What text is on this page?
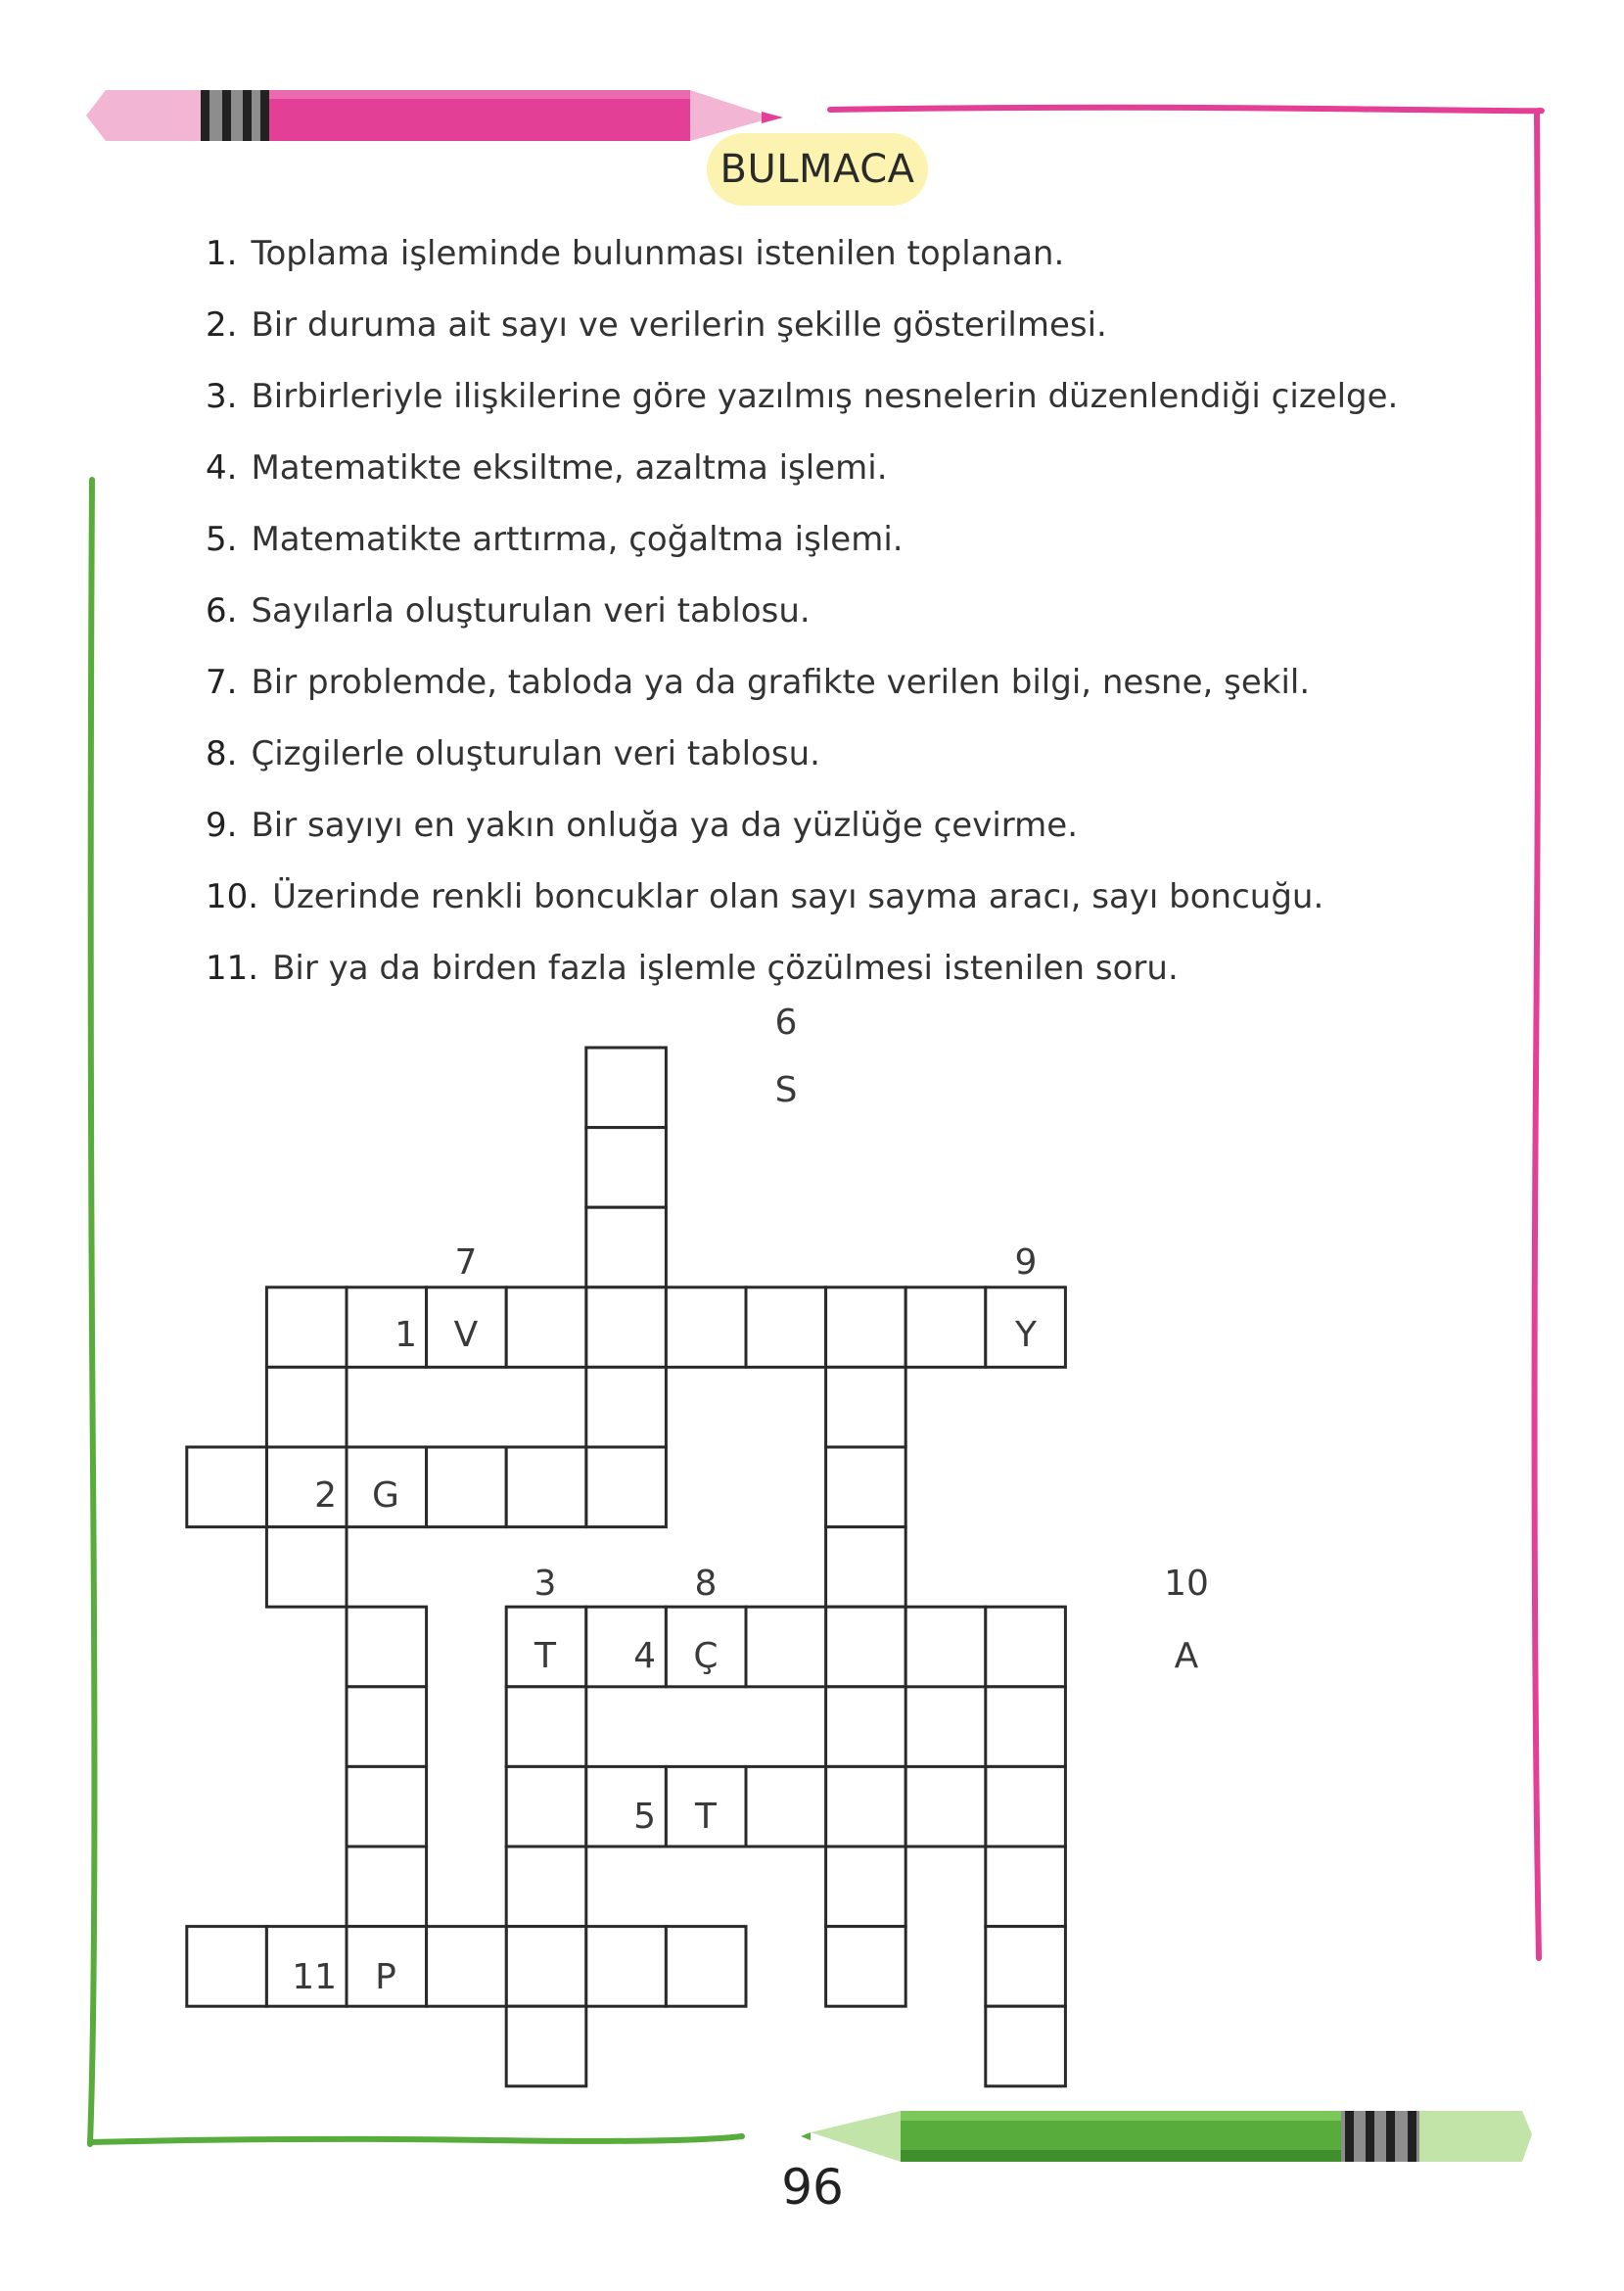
BULMACA
1. Toplama işleminde bulunması istenilen toplanan.
2. Bir duruma ait sayı ve verilerin şekille gösterilmesi.
3. Birbirleriyle ilişkilerine göre yazılmış nesnelerin düzenlendiği çizelge.
4. Matematikte eksiltme, azaltma işlemi.
5. Matematikte arttırma, çoğaltma işlemi.
6. Sayılarla oluşturulan veri tablosu.
7. Bir problemde, tabloda ya da grafikte verilen bilgi, nesne, şekil.
8. Çizgilerle oluşturulan veri tablosu.
9. Bir sayıyı en yakın onluğa ya da yüzlüğe çevirme.
10. Üzerinde renkli boncuklar olan sayı sayma aracı, sayı boncuğu.
11. Bir ya da birden fazla işlemle çözülmesi istenilen soru.
6
7	9
1
2
3	8	10
4
5
11
S
V	Y
G
T	Ç	A
T
P
96
